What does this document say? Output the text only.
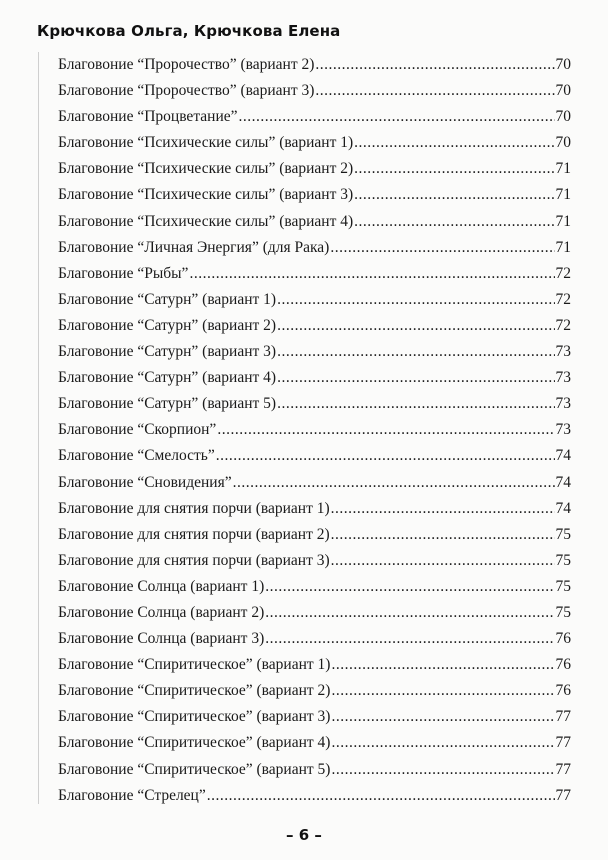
Крючкова Ольга, Крючкова Елена
Благовоние “Пророчество” (вариант 2) .....	70
Благовоние “Пророчество” (вариант 3) .....	70
Благовоние “Процветание” .....	70
Благовоние “Психические силы” (вариант 1) .....	70
Благовоние “Психические силы” (вариант 2) .....	71
Благовоние “Психические силы” (вариант 3) .....	71
Благовоние “Психические силы” (вариант 4) .....	71
Благовоние “Личная Энергия” (для Рака) .....	71
Благовоние “Рыбы” .....	72
Благовоние “Сатурн” (вариант 1) .....	72
Благовоние “Сатурн” (вариант 2) .....	72
Благовоние “Сатурн” (вариант 3) .....	73
Благовоние “Сатурн” (вариант 4) .....	73
Благовоние “Сатурн” (вариант 5) .....	73
Благовоние “Скорпион” .....	73
Благовоние “Смелость” .....	74
Благовоние “Сновидения” .....	74
Благовоние для снятия порчи (вариант 1) .....	74
Благовоние для снятия порчи (вариант 2) .....	75
Благовоние для снятия порчи (вариант 3) .....	75
Благовоние Солнца (вариант 1) .....	75
Благовоние Солнца (вариант 2) .....	75
Благовоние Солнца (вариант 3) .....	76
Благовоние “Спиритическое” (вариант 1) .....	76
Благовоние “Спиритическое” (вариант 2) .....	76
Благовоние “Спиритическое” (вариант 3) .....	77
Благовоние “Спиритическое” (вариант 4) .....	77
Благовоние “Спиритическое” (вариант 5) .....	77
Благовоние “Стрелец” .....	77
– 6 –
